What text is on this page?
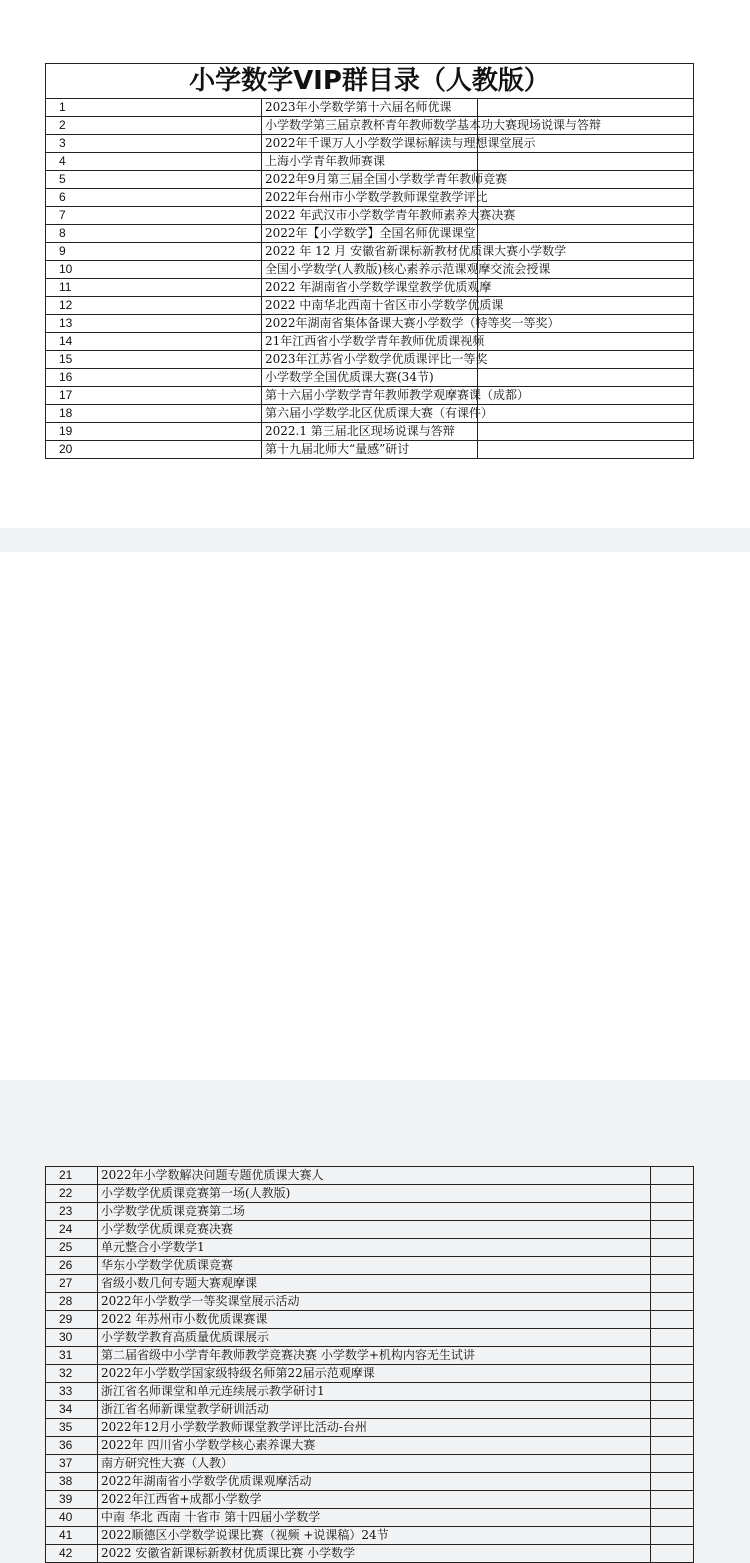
小学数学VIP群目录（人教版）		
1	2023年小学数学第十六届名师优课	
2	小学数学第三届京教杯青年教师数学基本功大赛现场说课与答辩	
3	2022年千课万人小学数学课标解读与理想课堂展示	
4	上海小学青年教师赛课	
5	2022年9月第三届全国小学数学青年教师竞赛	
6	2022年台州市小学数学教师课堂教学评比	
7	2022 年武汉市小学数学青年教师素养大赛决赛	
8	2022年【小学数学】全国名师优课课堂	
9	2022 年 12 月 安徽省新课标新教材优质课大赛小学数学	
10	全国小学数学(人教版)核心素养示范课观摩交流会授课	
11	2022 年湖南省小学数学课堂教学优质观摩	
12	2022 中南华北西南十省区市小学数学优质课	
13	2022年湖南省集体备课大赛小学数学（特等奖一等奖）	
14	21年江西省小学数学青年教师优质课视频	
15	2023年江苏省小学数学优质课评比一等奖	
16	小学数学全国优质课大赛(34节)	
17	第十六届小学数学青年教师教学观摩赛课（成都）	
18	第六届小学数学北区优质课大赛（有课件）	
19	2022.1 第三届北区现场说课与答辩	
20	第十九届北师大“量感”研讨	
21	2022年小学数解决问题专题优质课大赛人	
22	小学数学优质课竞赛第一场(人教版)	
23	小学数学优质课竞赛第二场	
24	小学数学优质课竞赛决赛	
25	单元整合小学数学1	
26	华东小学数学优质课竞赛	
27	省级小数几何专题大赛观摩课	
28	2022年小学数学一等奖课堂展示活动	
29	2022 年苏州市小数优质课赛课	
30	小学数学教育高质量优质课展示	
31	第二届省级中小学青年教师教学竞赛决赛 小学数学+机构内容无生试讲	
32	2022年小学数学国家级特级名师第22届示范观摩课	
33	浙江省名师课堂和单元连续展示教学研讨1	
34	浙江省名师新课堂教学研训活动	
35	2022年12月小学数学教师课堂教学评比活动-台州	
36	2022年 四川省小学数学核心素养课大赛	
37	南方研究性大赛（人教）	
38	2022年湖南省小学数学优质课观摩活动	
39	2022年江西省+成都小学数学	
40	中南 华北 西南 十省市 第十四届小学数学	
41	2022顺德区小学数学说课比赛（视频 +说课稿）24节	
42	2022 安徽省新课标新教材优质课比赛 小学数学	
